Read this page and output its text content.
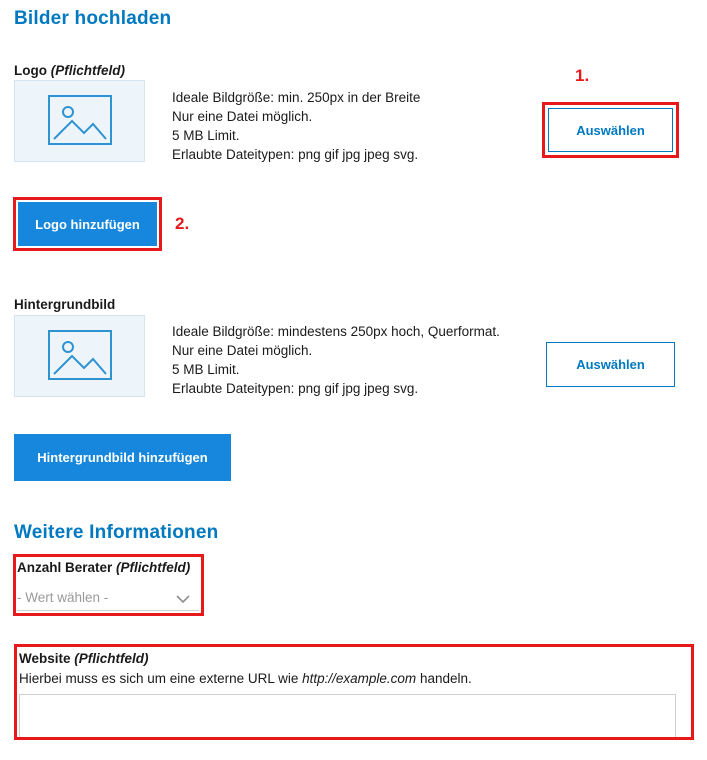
Bilder hochladen
Logo (Pflichtfeld)
Ideale Bildgröße: min. 250px in der Breite
Nur eine Datei möglich.
5 MB Limit.
Erlaubte Dateitypen: png gif jpg jpeg svg.
Auswählen
1.
Logo hinzufügen	2.
Hintergrundbild
Ideale Bildgröße: mindestens 250px hoch, Querformat.
Nur eine Datei möglich.
5 MB Limit.
Erlaubte Dateitypen: png gif jpg jpeg svg.
Auswählen
Hintergrundbild hinzufügen
Weitere Informationen
Anzahl Berater (Pflichtfeld)
- Wert wählen -
Website (Pflichtfeld)
Hierbei muss es sich um eine externe URL wie http://example.com handeln.
